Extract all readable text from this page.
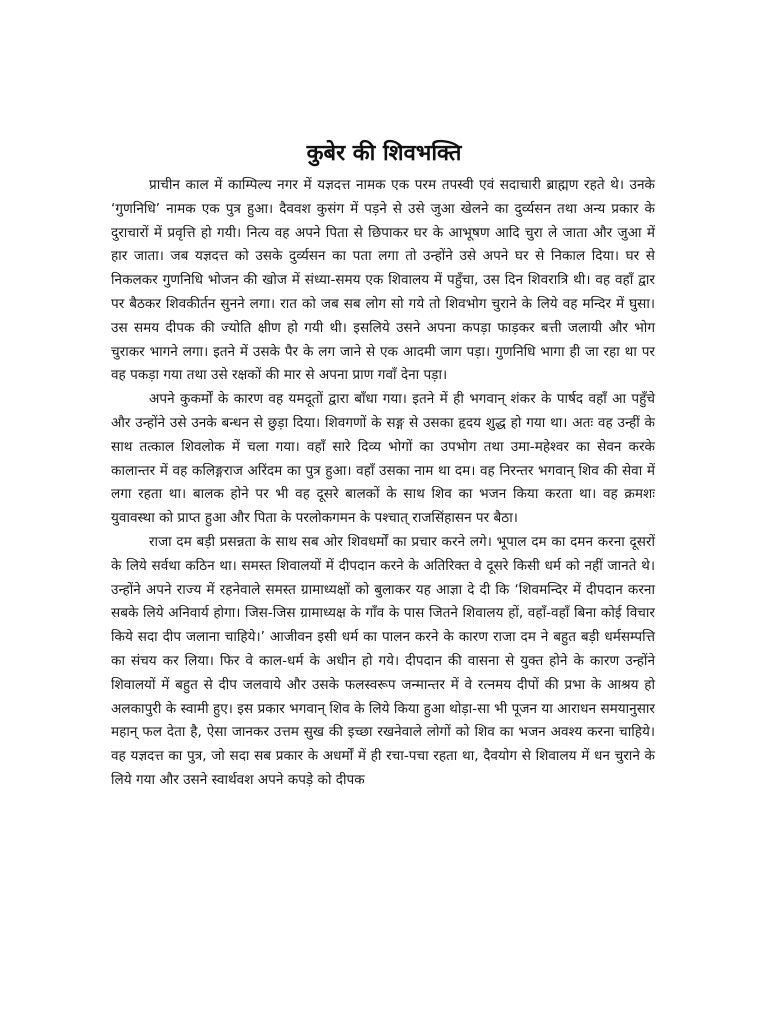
कुबेर की शिवभक्ति

प्राचीन काल में काम्पिल्य नगर में यज्ञदत्त नामक एक परम तपस्वी एवं सदाचारी ब्राह्मण रहते थे। उनके ‘गुणनिधि’ नामक एक पुत्र हुआ। दैववश कुसंग में पड़ने से उसे जुआ खेलने का दुर्व्यसन तथा अन्य प्रकार के दुराचारों में प्रवृत्ति हो गयी। नित्य वह अपने पिता से छिपाकर घर के आभूषण आदि चुरा ले जाता और जुआ में हार जाता। जब यज्ञदत्त को उसके दुर्व्यसन का पता लगा तो उन्होंने उसे अपने घर से निकाल दिया। घर से निकलकर गुणनिधि भोजन की खोज में संध्या-समय एक शिवालय में पहुँचा, उस दिन शिवरात्रि थी। वह वहाँ द्वार पर बैठकर शिवकीर्तन सुनने लगा। रात को जब सब लोग सो गये तो शिवभोग चुराने के लिये वह मन्दिर में घुसा। उस समय दीपक की ज्योति क्षीण हो गयी थी। इसलिये उसने अपना कपड़ा फाड़कर बत्ती जलायी और भोग चुराकर भागने लगा। इतने में उसके पैर के लग जाने से एक आदमी जाग पड़ा। गुणनिधि भागा ही जा रहा था पर वह पकड़ा गया तथा उसे रक्षकों की मार से अपना प्राण गवाँ देना पड़ा।

अपने कुकर्मों के कारण वह यमदूतों द्वारा बाँधा गया। इतने में ही भगवान् शंकर के पार्षद वहाँ आ पहुँचे और उन्होंने उसे उनके बन्धन से छुड़ा दिया। शिवगणों के सङ्ग से उसका हृदय शुद्ध हो गया था। अतः वह उन्हीं के साथ तत्काल शिवलोक में चला गया। वहाँ सारे दिव्य भोगों का उपभोग तथा उमा-महेश्वर का सेवन करके कालान्तर में वह कलिङ्गराज अरिंदम का पुत्र हुआ। वहाँ उसका नाम था दम। वह निरन्तर भगवान् शिव की सेवा में लगा रहता था। बालक होने पर भी वह दूसरे बालकों के साथ शिव का भजन किया करता था। वह क्रमशः युवावस्था को प्राप्त हुआ और पिता के परलोकगमन के पश्चात् राजसिंहासन पर बैठा।

राजा दम बड़ी प्रसन्नता के साथ सब ओर शिवधर्मों का प्रचार करने लगे। भूपाल दम का दमन करना दूसरों के लिये सर्वथा कठिन था। समस्त शिवालयों में दीपदान करने के अतिरिक्त वे दूसरे किसी धर्म को नहीं जानते थे। उन्होंने अपने राज्य में रहनेवाले समस्त ग्रामाध्यक्षों को बुलाकर यह आज्ञा दे दी कि ‘शिवमन्दिर में दीपदान करना सबके लिये अनिवार्य होगा। जिस-जिस ग्रामाध्यक्ष के गाँव के पास जितने शिवालय हों, वहाँ-वहाँ बिना कोई विचार किये सदा दीप जलाना चाहिये।’ आजीवन इसी धर्म का पालन करने के कारण राजा दम ने बहुत बड़ी धर्मसम्पत्ति का संचय कर लिया। फिर वे काल-धर्म के अधीन हो गये। दीपदान की वासना से युक्त होने के कारण उन्होंने शिवालयों में बहुत से दीप जलवाये और उसके फलस्वरूप जन्मान्तर में वे रत्नमय दीपों की प्रभा के आश्रय हो अलकापुरी के स्वामी हुए। इस प्रकार भगवान् शिव के लिये किया हुआ थोड़ा-सा भी पूजन या आराधन समयानुसार महान् फल देता है, ऐसा जानकर उत्तम सुख की इच्छा रखनेवाले लोगों को शिव का भजन अवश्य करना चाहिये। वह यज्ञदत्त का पुत्र, जो सदा सब प्रकार के अधर्मों में ही रचा-पचा रहता था, दैवयोग से शिवालय में धन चुराने के लिये गया और उसने स्वार्थवश अपने कपड़े को दीपक
